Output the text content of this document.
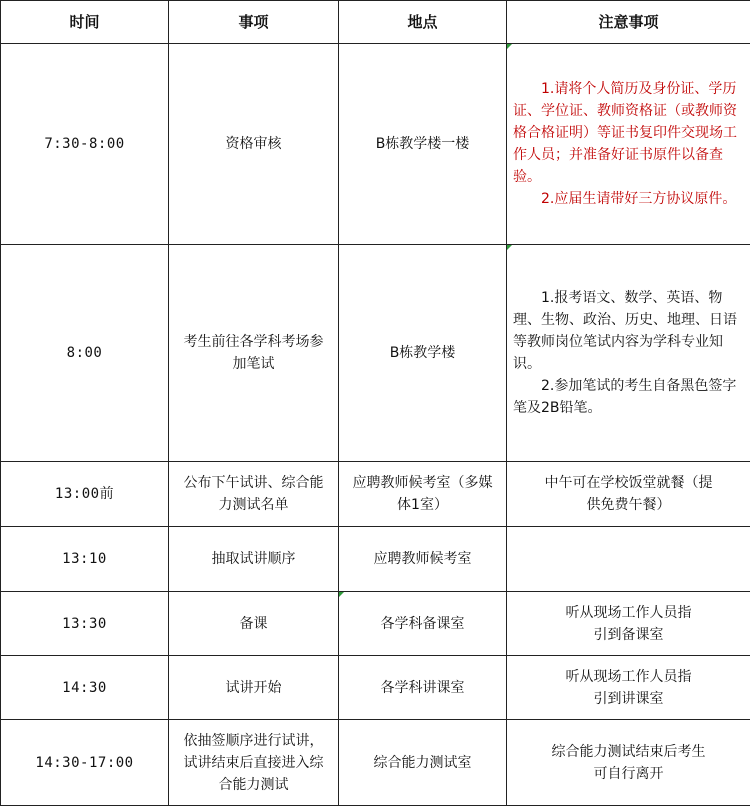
时间	事项	地点	注意事项
7:30-8:00	资格审核	B栋教学楼一楼	1.请将个人简历及身份证、学历证、学位证、教师资格证（或教师资格合格证明）等证书复印件交现场工作人员；并准备好证书原件以备查验。

2.应届生请带好三方协议原件。

8:00	考生前往各学科考场参加笔试	B栋教学楼	1.报考语文、数学、英语、物理、生物、政治、历史、地理、日语等教师岗位笔试内容为学科专业知识。

2.参加笔试的考生自备黑色签字笔及2B铅笔。

13:00前	公布下午试讲、综合能力测试名单	应聘教师候考室（多媒体1室）	中午可在学校饭堂就餐（提供免费午餐）
13:10	抽取试讲顺序	应聘教师候考室	
13:30	备课	各学科备课室	听从现场工作人员指引到备课室
14:30	试讲开始	各学科讲课室	听从现场工作人员指引到讲课室
14:30-17:00	依抽签顺序进行试讲，试讲结束后直接进入综合能力测试	综合能力测试室	综合能力测试结束后考生可自行离开
